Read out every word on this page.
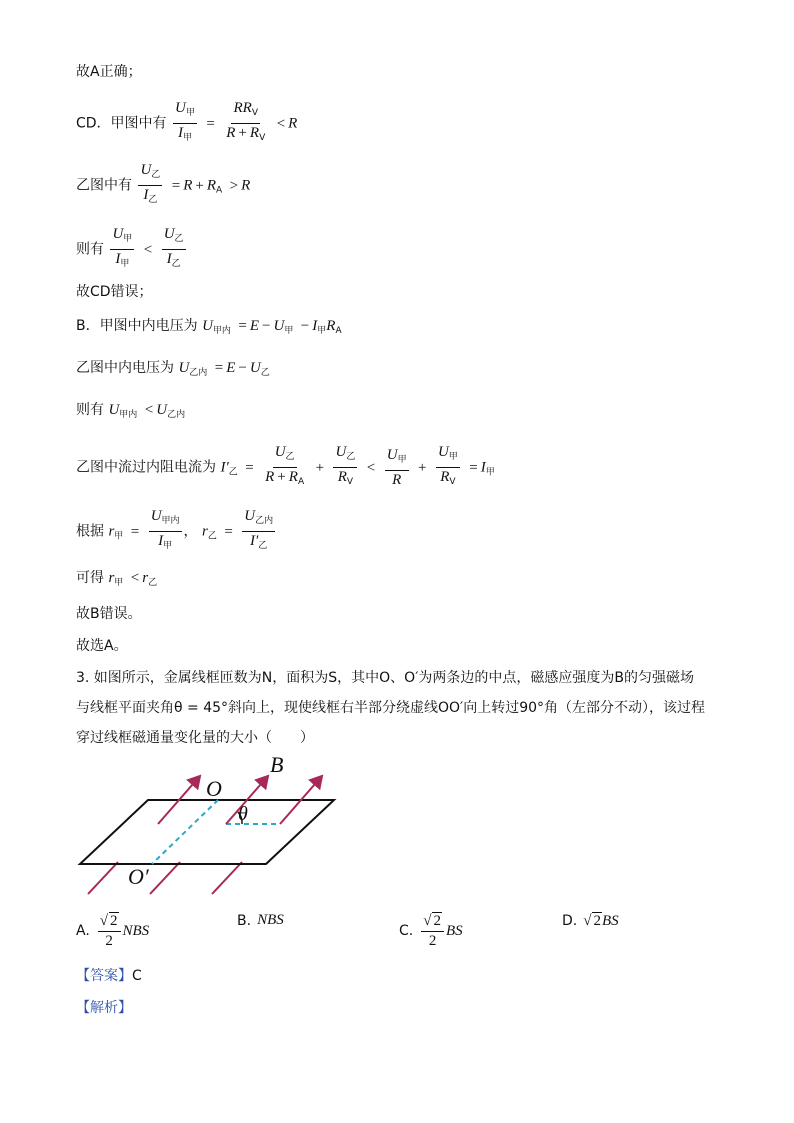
故A正确；
CD．甲图中有 $\frac{U_甲}{I_甲} = \frac{RR_V}{R + R_V} < R$
乙图中有 $\frac{U_乙}{I_乙} = R + R_A > R$
则有 $\frac{U_甲}{I_甲} < \frac{U_乙}{I_乙}$
故CD错误；
B．甲图中内电压为 $U_{甲内} = E - U_甲 - I_甲R_A$
乙图中内电压为 $U_{乙内} = E - U_乙$
则有 $U_{甲内} < U_{乙内}$
乙图中流过内阻电流为 $I'_乙 = \frac{U_乙}{R + R_A} + \frac{U_乙}{R_V} < \frac{U_甲}{R} + \frac{U_甲}{R_V} = I_甲$
根据 $r_甲 = \frac{U_{甲内}}{I_甲}$ ， $r_乙 = \frac{U_{乙内}}{I'_乙}$
可得 $r_甲 < r_乙$
故B错误。
故选A。
3. 如图所示，金属线框匝数为N，面积为S，其中O、O′为两条边的中点，磁感应强度为B的匀强磁场
与线框平面夹角θ = 45°斜向上，现使线框右半部分绕虚线OO′向上转过90°角（左部分不动），该过程
穿过线框磁通量变化量的大小（　　）
B
O
O′
θ
A. $\frac{√ 2}{2}$ NBS
B. NBS
C. $\frac{√ 2}{2}$ BS
D. √ 2 BS
【答案】C
【解析】
